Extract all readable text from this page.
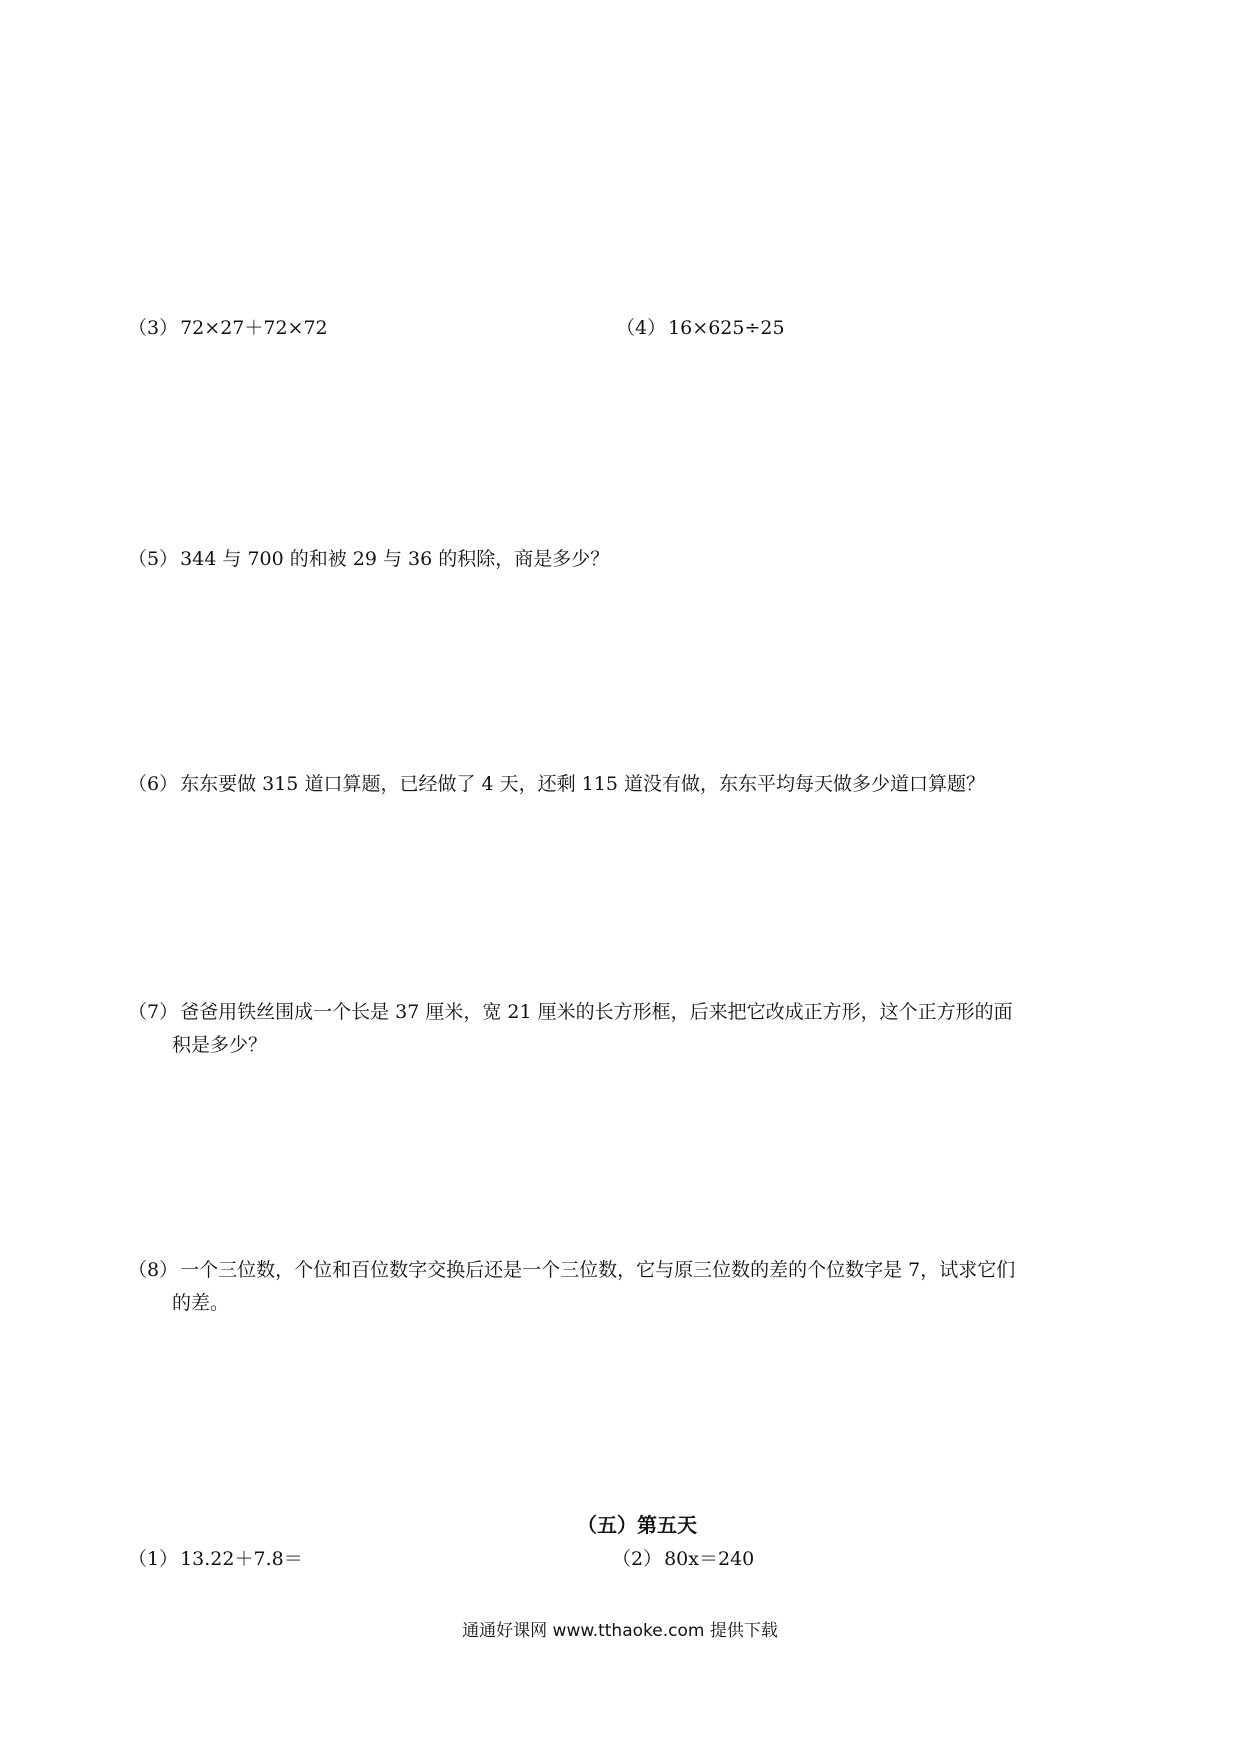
（3） 72×27＋72×72	（4） 16×625÷25
（5） 344 与 700 的和被 29 与 36 的积除，商是多少？
（6） 东东要做 315 道口算题，已经做了 4 天，还剩 115 道没有做，东东平均每天做多少道口算题？
（7） 爸爸用铁丝围成一个长是 37 厘米，宽 21 厘米的长方形框，后来把它改成正方形，这个正方形的面
积是多少？
（8） 一个三位数，个位和百位数字交换后还是一个三位数，它与原三位数的差的个位数字是 7，试求它们
的差。
（五）第五天
（1） 13.22＋7.8＝	（2） 80x＝240
通通好课网 www.tthaoke.com 提供下载
